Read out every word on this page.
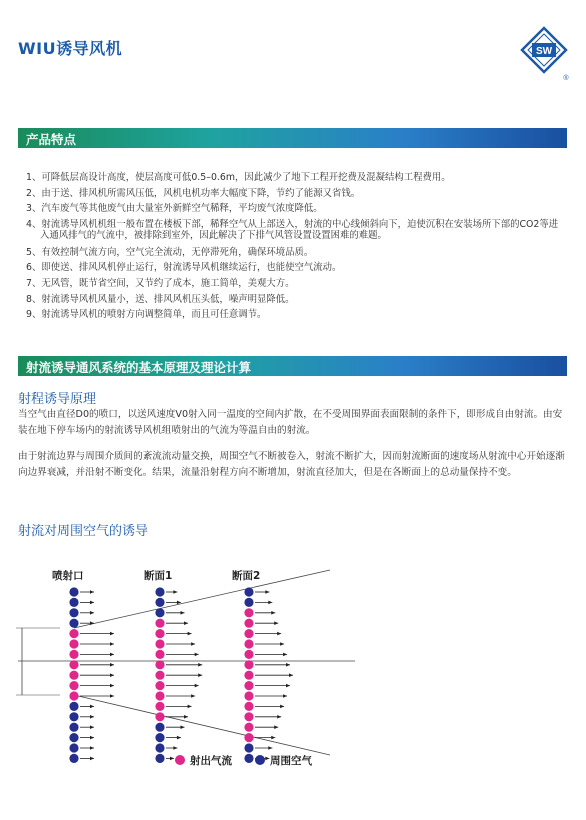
WIU诱导风机	SW
®
产品特点
1、可降低层高设计高度，使层高度可低0.5–0.6m，因此减少了地下工程开挖费及混凝结构工程费用。
2、由于送、排风机所需风压低，风机电机功率大幅度下降，节约了能源又省钱。
3、汽车废气等其他废气由大量室外新鲜空气稀释，平均废气浓度降低。
4、射流诱导风机机组一般布置在楼板下部，稀释空气从上部送入，射流的中心线倾斜向下，迫使沉积在安装场所下部的CO2等进入通风排气的气流中，被排除到室外，因此解决了下排气风管设置设置困难的难题。
5、有效控制气流方向，空气完全流动，无停滞死角，确保环境品质。
6、即使送、排风风机停止运行，射流诱导风机继续运行，也能使空气流动。
7、无风管，既节省空间，又节约了成本，施工简单，美观大方。
8、射流诱导风机风量小，送、排风风机压头低，噪声明显降低。
9、射流诱导风机的喷射方向调整简单，而且可任意调节。
射流诱导通风系统的基本原理及理论计算
射程诱导原理

当空气由直径D0的喷口，以送风速度V0射入同一温度的空间内扩散，在不受周围界面表面限制的条件下，即形成自由射流。由安装在地下停车场内的射流诱导风机组喷射出的气流为等温自由的射流。

由于射流边界与周围介质间的紊流流动量交换，周围空气不断被卷入，射流不断扩大，因而射流断面的速度场从射流中心开始逐渐向边界衰减，并沿射不断变化。结果，流量沿射程方向不断增加，射流直径加大，但是在各断面上的总动量保持不变。

射流对周围空气的诱导
喷射口	断面1	断面2
射出气流	周围空气
